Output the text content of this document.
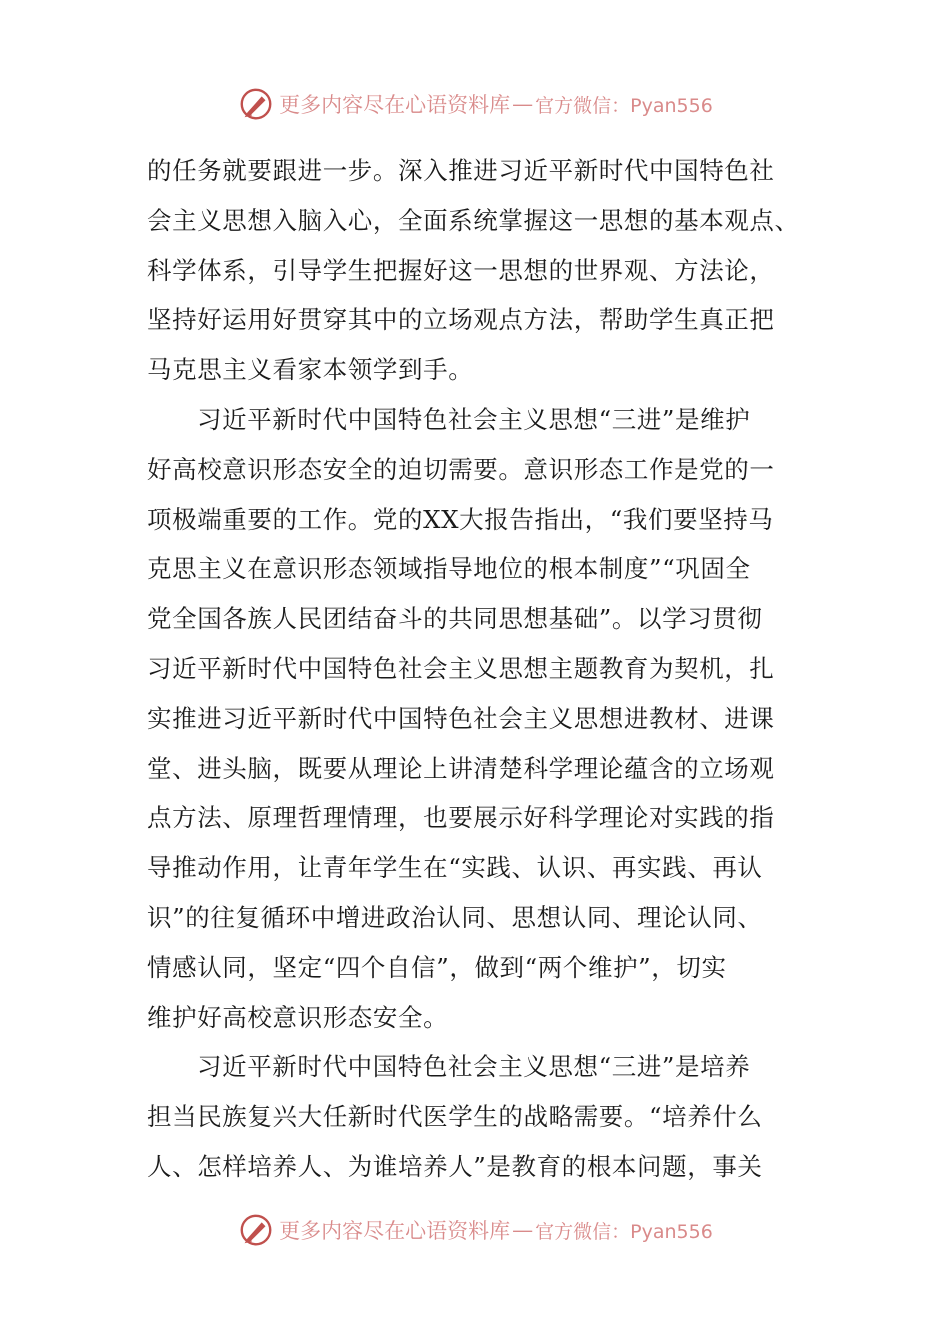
更多内容尽在心语资料库 — 官方微信：Pyan556
的任务就要跟进一步。深入推进习近平新时代中国特色社
会主义思想入脑入心，全面系统掌握这一思想的基本观点、
科学体系，引导学生把握好这一思想的世界观、方法论，
坚持好运用好贯穿其中的立场观点方法，帮助学生真正把
马克思主义看家本领学到手。
习近平新时代中国特色社会主义思想“三进”是维护
好高校意识形态安全的迫切需要。意识形态工作是党的一
项极端重要的工作。党的XX大报告指出，“我们要坚持马
克思主义在意识形态领域指导地位的根本制度”“巩固全
党全国各族人民团结奋斗的共同思想基础”。以学习贯彻
习近平新时代中国特色社会主义思想主题教育为契机，扎
实推进习近平新时代中国特色社会主义思想进教材、进课
堂、进头脑，既要从理论上讲清楚科学理论蕴含的立场观
点方法、原理哲理情理，也要展示好科学理论对实践的指
导推动作用，让青年学生在“实践、认识、再实践、再认
识”的往复循环中增进政治认同、思想认同、理论认同、
情感认同，坚定“四个自信”，做到“两个维护”，切实
维护好高校意识形态安全。
习近平新时代中国特色社会主义思想“三进”是培养
担当民族复兴大任新时代医学生的战略需要。“培养什么
人、怎样培养人、为谁培养人”是教育的根本问题，事关
更多内容尽在心语资料库 — 官方微信：Pyan556
